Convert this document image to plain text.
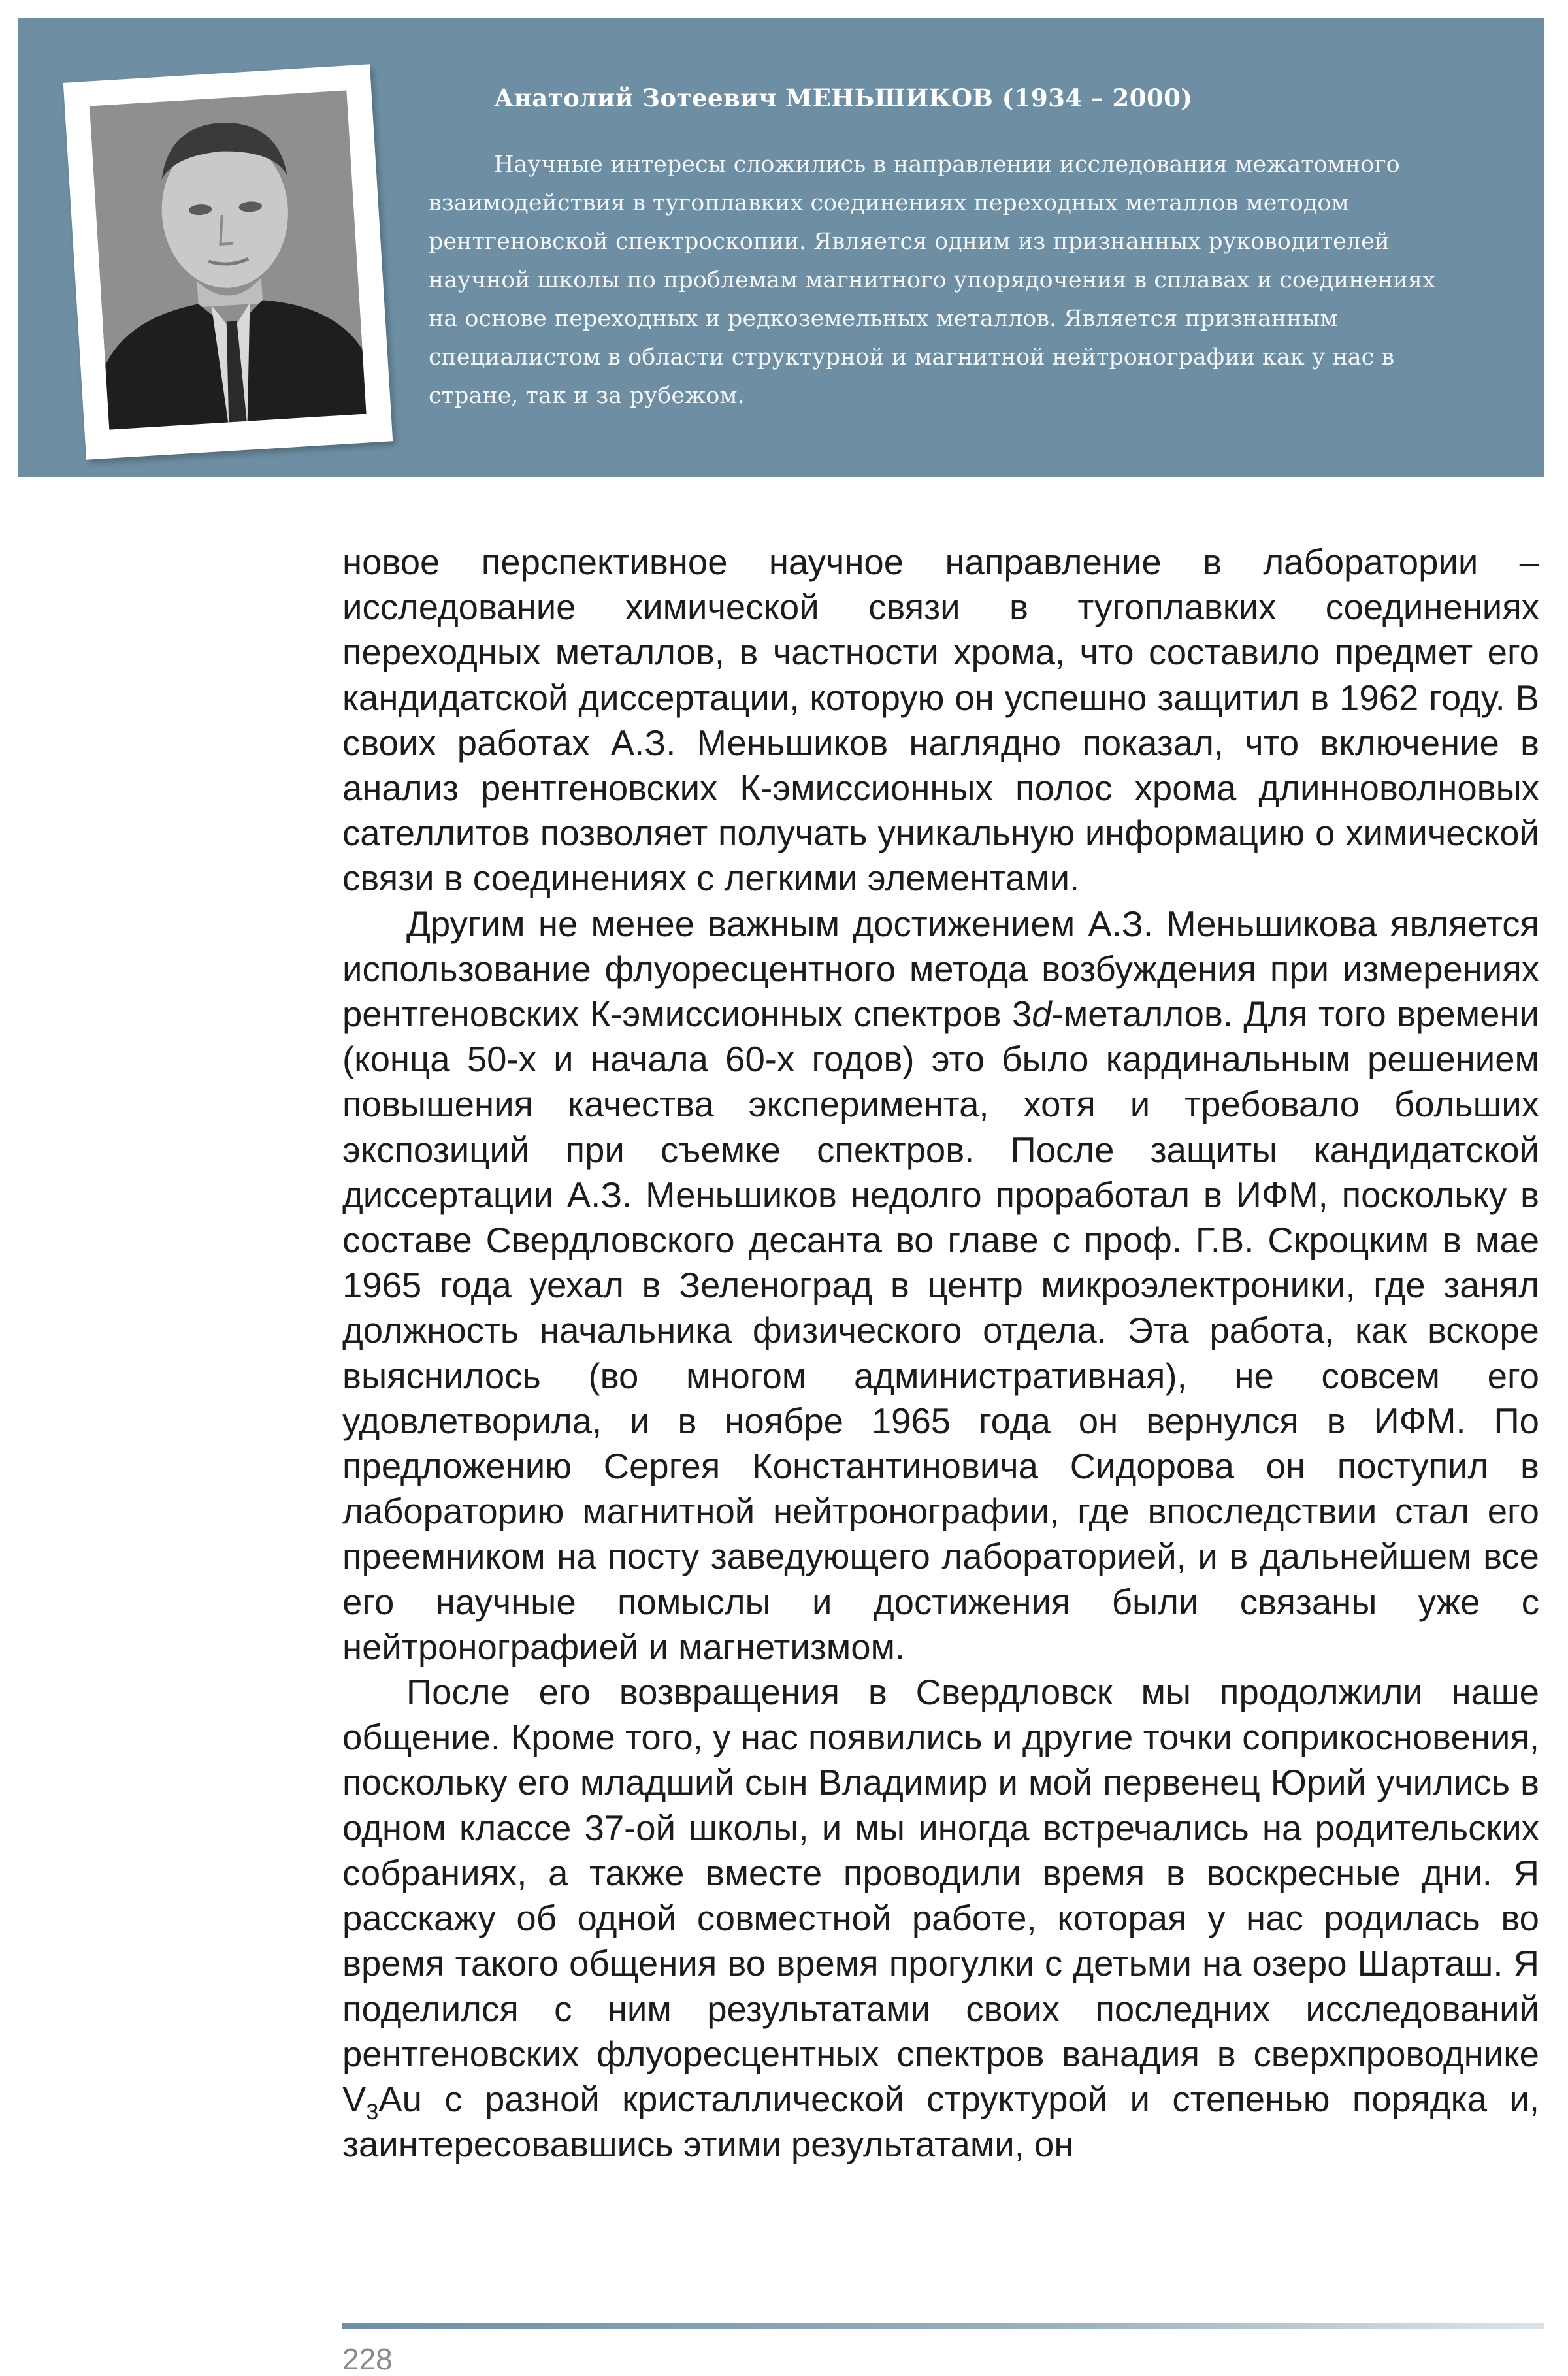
Анатолий Зотеевич МЕНЬШИКОВ (1934 – 2000)
Научные интересы сложились в направлении исследования межатомного взаимодействия в тугоплавких соединениях переходных металлов методом рентгеновской спектроскопии. Является одним из признанных руководителей научной школы по проблемам магнитного упорядочения в сплавах и соединениях на основе переходных и редкоземельных металлов. Является признанным специалистом в области структурной и магнитной нейтронографии как у нас в стране, так и за рубежом.

новое перспективное научное направление в лаборатории – исследование химической связи в тугоплавких соединениях переходных металлов, в частности хрома, что составило предмет его кандидатской диссертации, которую он успешно защитил в 1962 году. В своих работах А.З. Меньшиков наглядно показал, что включение в анализ рентгеновских К-эмиссионных полос хрома длинноволновых сателлитов позволяет получать уникальную информацию о химической связи в соединениях с легкими элементами.

Другим не менее важным достижением А.З. Меньшикова является использование флуоресцентного метода возбуждения при измерениях рентгеновских К-эмиссионных спектров 3d-металлов. Для того времени (конца 50-х и начала 60-х годов) это было кардинальным решением повышения качества эксперимента, хотя и требовало больших экспозиций при съемке спектров. После защиты кандидатской диссертации А.З. Меньшиков недолго проработал в ИФМ, поскольку в составе Свердловского десанта во главе с проф. Г.В. Скроцким в мае 1965 года уехал в Зеленоград в центр микроэлектроники, где занял должность начальника физического отдела. Эта работа, как вскоре выяснилось (во многом административная), не совсем его удовлетворила, и в ноябре 1965 года он вернулся в ИФМ. По предложению Сергея Константиновича Сидорова он поступил в лабораторию магнитной нейтронографии, где впоследствии стал его преемником на посту заведующего лабораторией, и в дальнейшем все его научные помыслы и достижения были связаны уже с нейтронографией и магнетизмом.

После его возвращения в Свердловск мы продолжили наше общение. Кроме того, у нас появились и другие точки соприкосновения, поскольку его младший сын Владимир и мой первенец Юрий учились в одном классе 37-ой школы, и мы иногда встречались на родительских собраниях, а также вместе проводили время в воскресные дни. Я расскажу об одной совместной работе, которая у нас родилась во время такого общения во время прогулки с детьми на озеро Шарташ. Я поделился с ним результатами своих последних исследований рентгеновских флуоресцентных спектров ванадия в сверхпроводнике $V_3Au$ с разной кристаллической структурой и степенью порядка и, заинтересовавшись этими результатами, он

228
